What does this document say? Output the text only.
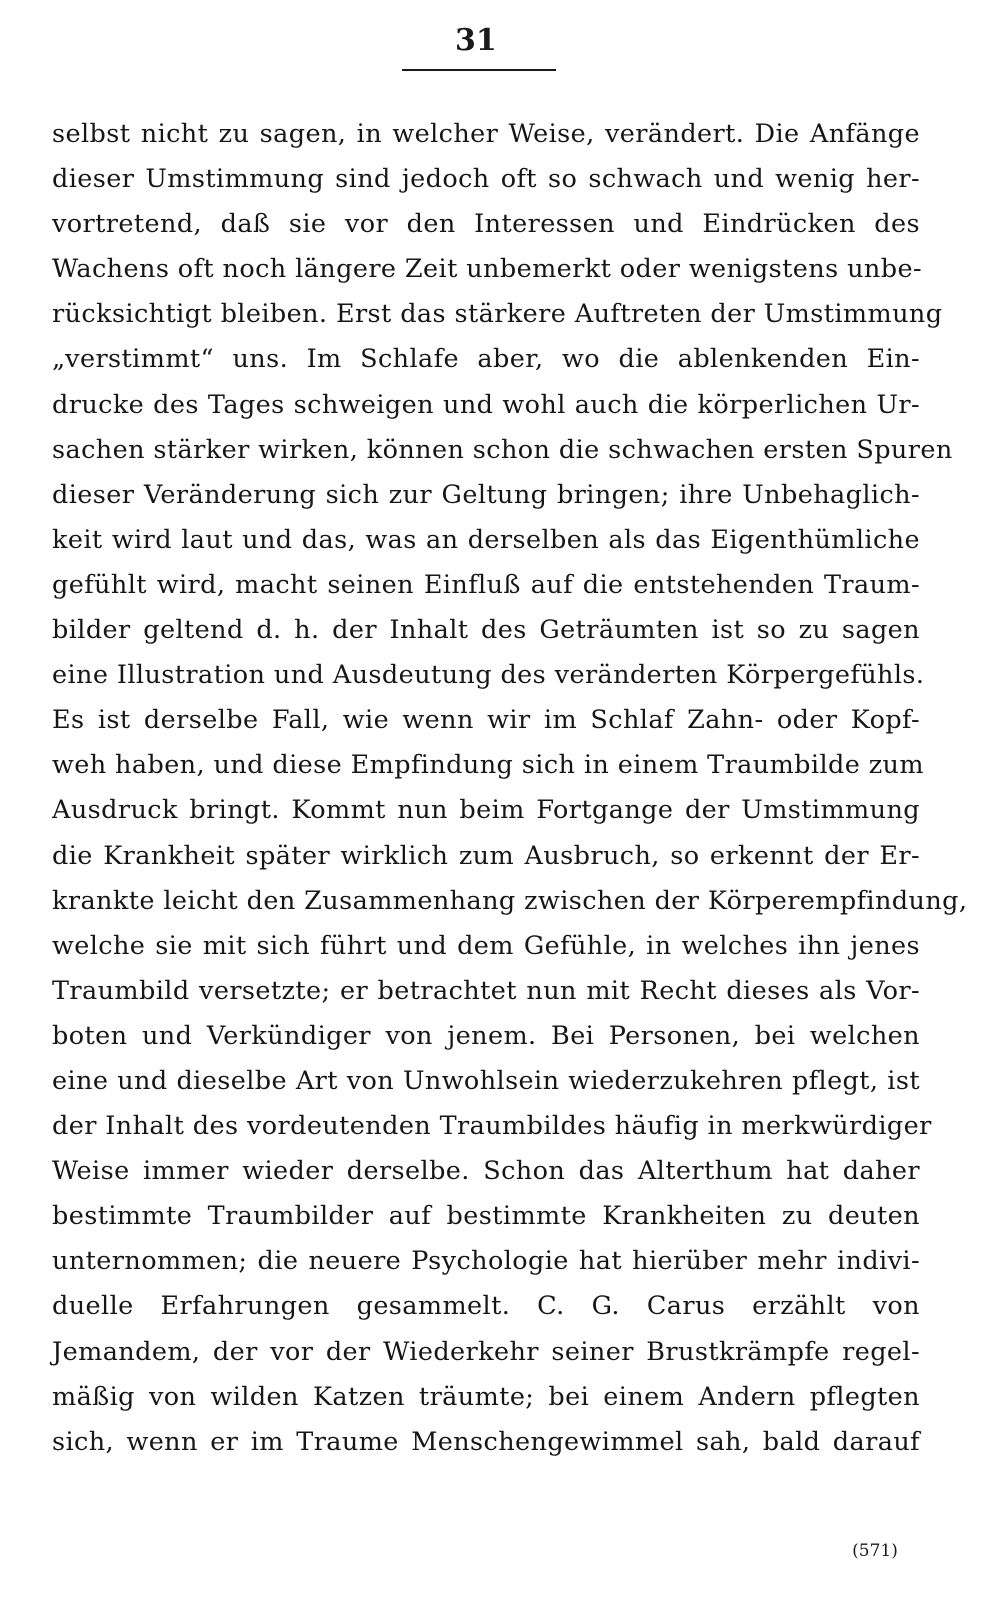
31
selbst nicht zu sagen, in welcher Weise, verändert. Die Anfänge
dieser Umstimmung sind jedoch oft so schwach und wenig her-
vortretend, daß sie vor den Interessen und Eindrücken des
Wachens oft noch längere Zeit unbemerkt oder wenigstens unbe-
rücksichtigt bleiben. Erst das stärkere Auftreten der Umstimmung
„verstimmt“ uns. Im Schlafe aber, wo die ablenkenden Ein-
drucke des Tages schweigen und wohl auch die körperlichen Ur-
sachen stärker wirken, können schon die schwachen ersten Spuren
dieser Veränderung sich zur Geltung bringen; ihre Unbehaglich-
keit wird laut und das, was an derselben als das Eigenthümliche
gefühlt wird, macht seinen Einfluß auf die entstehenden Traum-
bilder geltend d. h. der Inhalt des Geträumten ist so zu sagen
eine Illustration und Ausdeutung des veränderten Körpergefühls.
Es ist derselbe Fall, wie wenn wir im Schlaf Zahn- oder Kopf-
weh haben, und diese Empfindung sich in einem Traumbilde zum
Ausdruck bringt. Kommt nun beim Fortgange der Umstimmung
die Krankheit später wirklich zum Ausbruch, so erkennt der Er-
krankte leicht den Zusammenhang zwischen der Körperempfindung,
welche sie mit sich führt und dem Gefühle, in welches ihn jenes
Traumbild versetzte; er betrachtet nun mit Recht dieses als Vor-
boten und Verkündiger von jenem. Bei Personen, bei welchen
eine und dieselbe Art von Unwohlsein wiederzukehren pflegt, ist
der Inhalt des vordeutenden Traumbildes häufig in merkwürdiger
Weise immer wieder derselbe. Schon das Alterthum hat daher
bestimmte Traumbilder auf bestimmte Krankheiten zu deuten
unternommen; die neuere Psychologie hat hierüber mehr indivi-
duelle Erfahrungen gesammelt. C. G. Carus erzählt von
Jemandem, der vor der Wiederkehr seiner Brustkrämpfe regel-
mäßig von wilden Katzen träumte; bei einem Andern pflegten
sich, wenn er im Traume Menschengewimmel sah, bald darauf
(571)
